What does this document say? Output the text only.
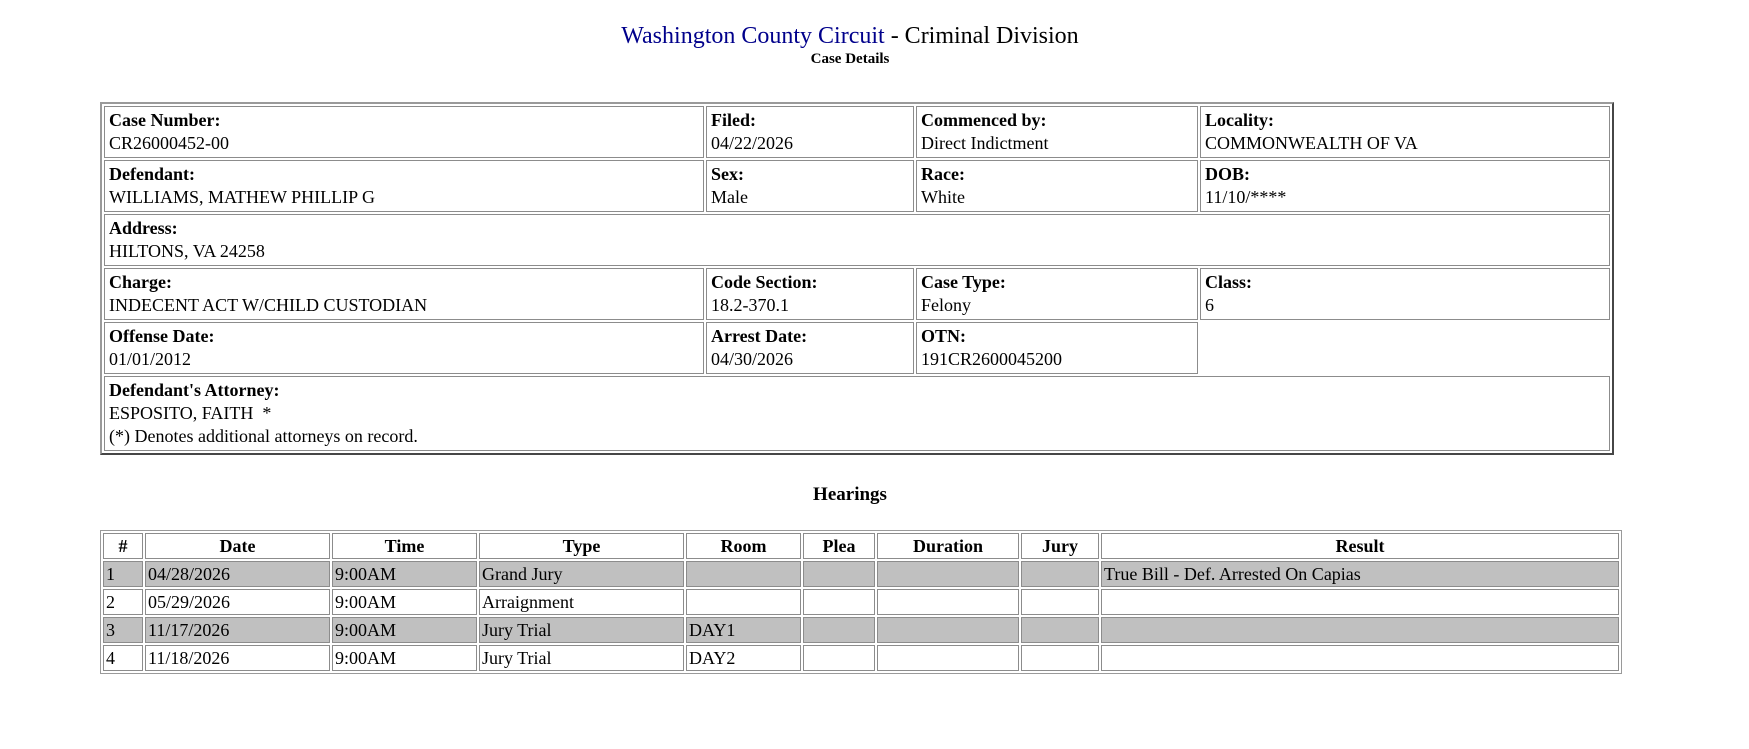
Washington County Circuit - Criminal Division
Case Details
Case Number:
CR26000452-00	Filed:
04/22/2026	Commenced by:
Direct Indictment	Locality:
COMMONWEALTH OF VA

Defendant:
WILLIAMS, MATHEW PHILLIP G	Sex:
Male	Race:
White	DOB:
11/10/****

Address:
HILTONS, VA 24258			

Charge:
INDECENT ACT W/CHILD CUSTODIAN	Code Section:
18.2-370.1	Case Type:
Felony	Class:
6

Offense Date:
01/01/2012	Arrest Date:
04/30/2026	OTN:
191CR2600045200	

Defendant's Attorney:
ESPOSITO, FAITH  *
(*) Denotes additional attorneys on record.			
Hearings
#	Date	Time	Type	Room	Plea	Duration	Jury	Result
1	04/28/2026	9:00AM	Grand Jury					True Bill - Def. Arrested On Capias
2	05/29/2026	9:00AM	Arraignment					
3	11/17/2026	9:00AM	Jury Trial	DAY1				
4	11/18/2026	9:00AM	Jury Trial	DAY2				
